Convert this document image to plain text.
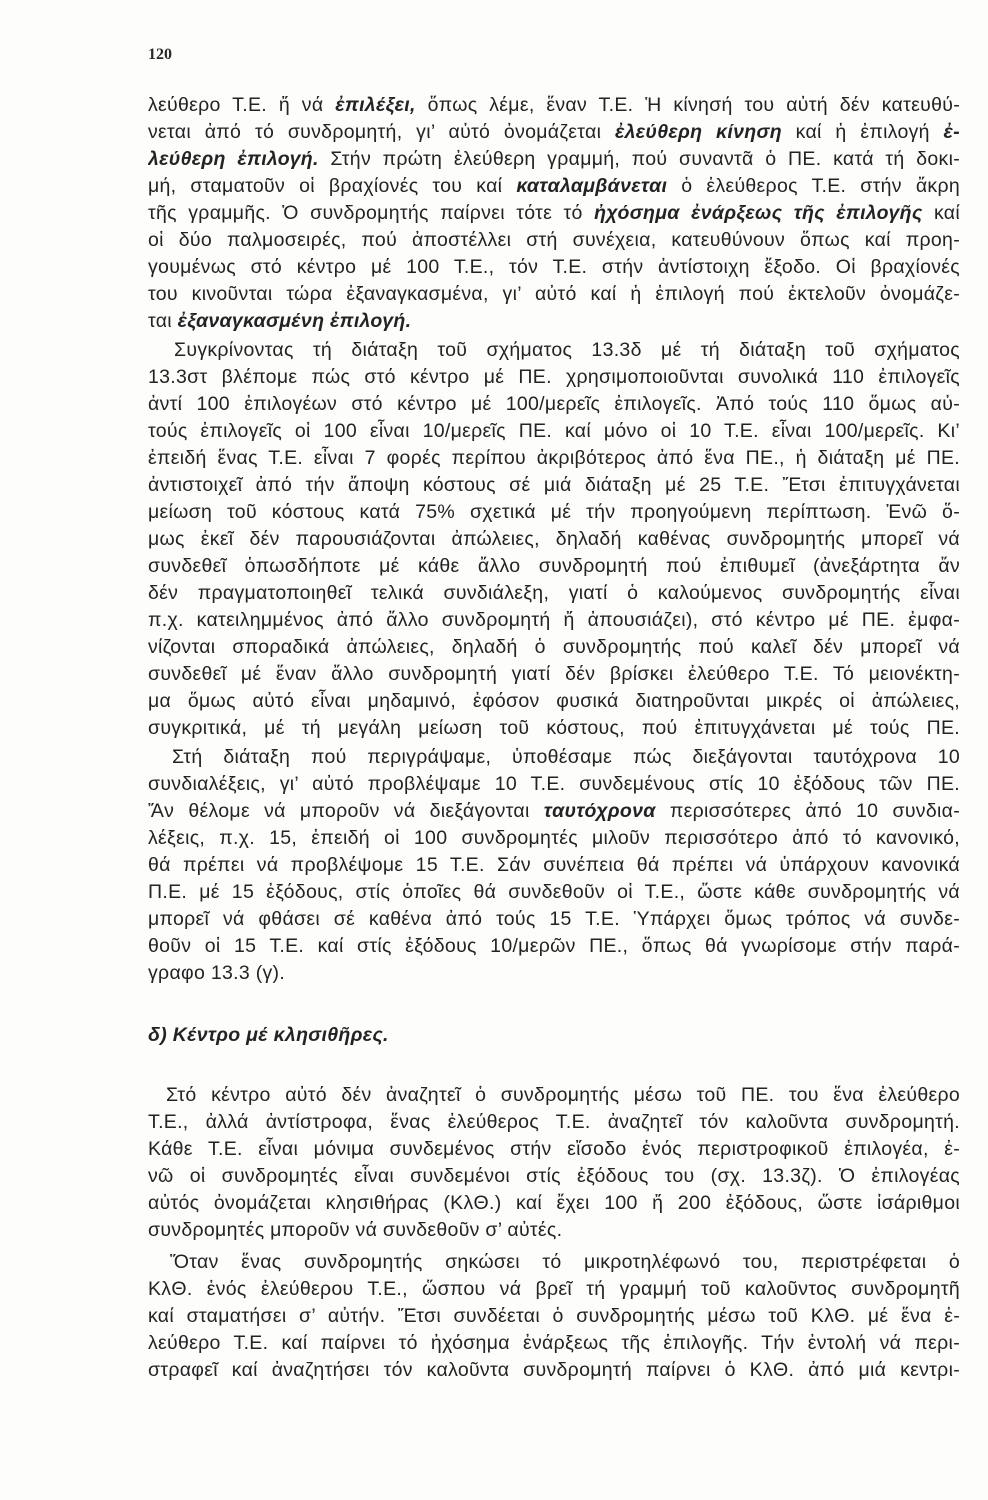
120
λεύθερο Τ.Ε. ἤ νά ἐπιλέξει, ὅπως λέμε, ἕναν Τ.Ε. Ἡ κίνησή του αὐτή δέν κατευθύ-
νεται ἀπό τό συνδρομητή, γι’ αὐτό ὀνομάζεται ἐλεύθερη κίνηση καί ἡ ἐπιλογή ἐ-
λεύθερη ἐπιλογή. Στήν πρώτη ἐλεύθερη γραμμή, πού συναντᾶ ὁ ΠΕ. κατά τή δοκι-
μή, σταματοῦν οἱ βραχίονές του καί καταλαμβάνεται ὁ ἐλεύθερος Τ.Ε. στήν ἄκρη
τῆς γραμμῆς. Ὁ συνδρομητής παίρνει τότε τό ἠχόσημα ἐνάρξεως τῆς ἐπιλογῆς καί
οἱ δύο παλμοσειρές, πού ἀποστέλλει στή συνέχεια, κατευθύνουν ὅπως καί προη-
γουμένως στό κέντρο μέ 100 Τ.Ε., τόν Τ.Ε. στήν ἀντίστοιχη ἔξοδο. Οἱ βραχίονές
του κινοῦνται τώρα ἐξαναγκασμένα, γι’ αὐτό καί ἡ ἐπιλογή πού ἐκτελοῦν ὀνομάζε-
ται ἐξαναγκασμένη ἐπιλογή.
Συγκρίνοντας τή διάταξη τοῦ σχήματος 13.3δ μέ τή διάταξη τοῦ σχήματος
13.3στ βλέπομε πώς στό κέντρο μέ ΠΕ. χρησιμοποιοῦνται συνολικά 110 ἐπιλογεῖς
ἀντί 100 ἐπιλογέων στό κέντρο μέ 100/μερεῖς ἐπιλογεῖς. Ἀπό τούς 110 ὅμως αὐ-
τούς ἐπιλογεῖς οἱ 100 εἶναι 10/μερεῖς ΠΕ. καί μόνο οἱ 10 Τ.Ε. εἶναι 100/μερεῖς. Κι’
ἐπειδή ἕνας Τ.Ε. εἶναι 7 φορές περίπου ἀκριβότερος ἀπό ἕνα ΠΕ., ἡ διάταξη μέ ΠΕ.
ἀντιστοιχεῖ ἀπό τήν ἄποψη κόστους σέ μιά διάταξη μέ 25 Τ.Ε. Ἔτσι ἐπιτυγχάνεται
μείωση τοῦ κόστους κατά 75% σχετικά μέ τήν προηγούμενη περίπτωση. Ἐνῶ ὅ-
μως ἐκεῖ δέν παρουσιάζονται ἀπώλειες, δηλαδή καθένας συνδρομητής μπορεῖ νά
συνδεθεῖ ὁπωσδήποτε μέ κάθε ἄλλο συνδρομητή πού ἐπιθυμεῖ (ἀνεξάρτητα ἄν
δέν πραγματοποιηθεῖ τελικά συνδιάλεξη, γιατί ὁ καλούμενος συνδρομητής εἶναι
π.χ. κατειλημμένος ἀπό ἄλλο συνδρομητή ἤ ἀπουσιάζει), στό κέντρο μέ ΠΕ. ἐμφα-
νίζονται σποραδικά ἀπώλειες, δηλαδή ὁ συνδρομητής πού καλεῖ δέν μπορεῖ νά
συνδεθεῖ μέ ἕναν ἄλλο συνδρομητή γιατί δέν βρίσκει ἐλεύθερο Τ.Ε. Τό μειονέκτη-
μα ὅμως αὐτό εἶναι μηδαμινό, ἐφόσον φυσικά διατηροῦνται μικρές οἱ ἀπώλειες,
συγκριτικά, μέ τή μεγάλη μείωση τοῦ κόστους, πού ἐπιτυγχάνεται μέ τούς ΠΕ.
Στή διάταξη πού περιγράψαμε, ὑποθέσαμε πώς διεξάγονται ταυτόχρονα 10
συνδιαλέξεις, γι’ αὐτό προβλέψαμε 10 Τ.Ε. συνδεμένους στίς 10 ἐξόδους τῶν ΠΕ.
Ἄν θέλομε νά μποροῦν νά διεξάγονται ταυτόχρονα περισσότερες ἀπό 10 συνδια-
λέξεις, π.χ. 15, ἐπειδή οἱ 100 συνδρομητές μιλοῦν περισσότερο ἀπό τό κανονικό,
θά πρέπει νά προβλέψομε 15 Τ.Ε. Σάν συνέπεια θά πρέπει νά ὑπάρχουν κανονικά
Π.Ε. μέ 15 ἐξόδους, στίς ὁποῖες θά συνδεθοῦν οἱ Τ.Ε., ὥστε κάθε συνδρομητής νά
μπορεῖ νά φθάσει σέ καθένα ἀπό τούς 15 Τ.Ε. Ὑπάρχει ὅμως τρόπος νά συνδε-
θοῦν οἱ 15 Τ.Ε. καί στίς ἐξόδους 10/μερῶν ΠΕ., ὅπως θά γνωρίσομε στήν παρά-
γραφο 13.3 (γ).
δ) Κέντρο μέ κλησιθῆρες.
Στό κέντρο αὐτό δέν ἀναζητεῖ ὁ συνδρομητής μέσω τοῦ ΠΕ. του ἕνα ἐλεύθερο
Τ.Ε., ἀλλά ἀντίστροφα, ἕνας ἐλεύθερος Τ.Ε. ἀναζητεῖ τόν καλοῦντα συνδρομητή.
Κάθε Τ.Ε. εἶναι μόνιμα συνδεμένος στήν εἴσοδο ἑνός περιστροφικοῦ ἐπιλογέα, ἐ-
νῶ οἱ συνδρομητές εἶναι συνδεμένοι στίς ἐξόδους του (σχ. 13.3ζ). Ὁ ἐπιλογέας
αὐτός ὀνομάζεται κλησιθήρας (ΚλΘ.) καί ἔχει 100 ἤ 200 ἐξόδους, ὥστε ἰσάριθμοι
συνδρομητές μποροῦν νά συνδεθοῦν σ’ αὐτές.
Ὅταν ἕνας συνδρομητής σηκώσει τό μικροτηλέφωνό του, περιστρέφεται ὁ
ΚλΘ. ἑνός ἐλεύθερου Τ.Ε., ὥσπου νά βρεῖ τή γραμμή τοῦ καλοῦντος συνδρομητῆ
καί σταματήσει σ’ αὐτήν. Ἔτσι συνδέεται ὁ συνδρομητής μέσω τοῦ ΚλΘ. μέ ἕνα ἐ-
λεύθερο Τ.Ε. καί παίρνει τό ἠχόσημα ἐνάρξεως τῆς ἐπιλογῆς. Τήν ἐντολή νά περι-
στραφεῖ καί ἀναζητήσει τόν καλοῦντα συνδρομητή παίρνει ὁ ΚλΘ. ἀπό μιά κεντρι-
